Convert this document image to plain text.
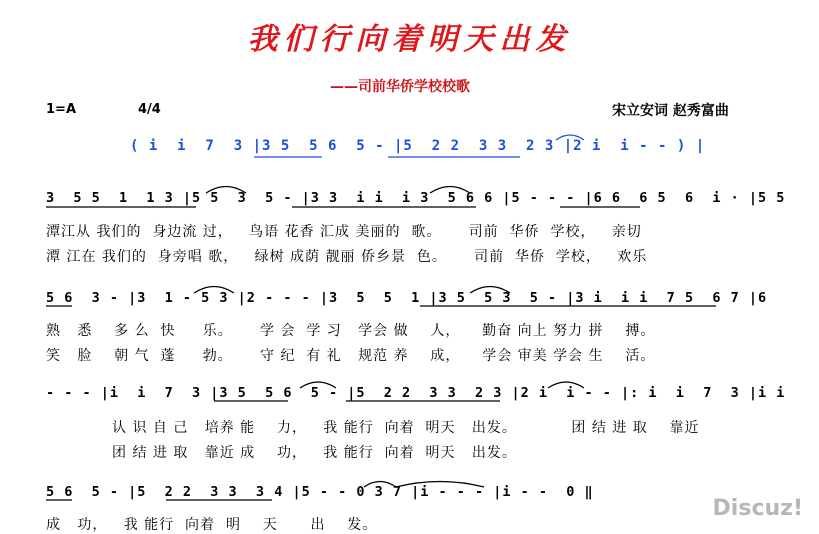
我们行向着明天出发
——司前华侨学校校歌
1=A	4/4	宋立安词 赵秀富曲
( i  i  7  3 |3 5  5 6  5 - |5  2 2  3 3  2 3 |2 i  i - - ) |
3  5 5  1  1 3 |5 5  3  5 - |3 3  i i  i 3  5 6 6 |5 - - - |6 6  6 5  6  i · |5 5
潭江从 我们的  身边流 过，   鸟语 花香 汇成 美丽的  歌。     司前  华侨  学校，   亲切
潭 江在 我们的  身旁唱 歌，   绿树 成荫 靓丽 侨乡景  色。     司前  华侨  学校，   欢乐
5 6  3 - |3  1 - 5 3 |2 - - - |3  5  5  1 |3 5  5 3  5 - |3 i  i i  7 5  6 7 |6
熟   悉    多 么  快     乐。     学 会  学 习   学会 做    人，    勤奋 向上 努力 拼    搏。
笑   脸    朝 气  蓬     勃。     守 纪  有 礼   规范 养    成，    学会 审美 学会 生    活。
- - - |i  i  7  3 |3 5  5 6  5 - |5  2 2  3 3  2 3 |2 i  i - - |: i  i  7  3 |i i
认 识 自 己   培养 能    力，   我 能行  向着  明天   出发。          团 结 进 取    靠近
团 结 进 取   靠近 成    功，   我 能行  向着  明天   出发。
5 6  5 - |5  2 2  3 3  3 4 |5 - - 0 3 7 |i - - - |i - -  0 ‖
成   功，   我 能行  向着  明    天      出    发。
Discuz!
